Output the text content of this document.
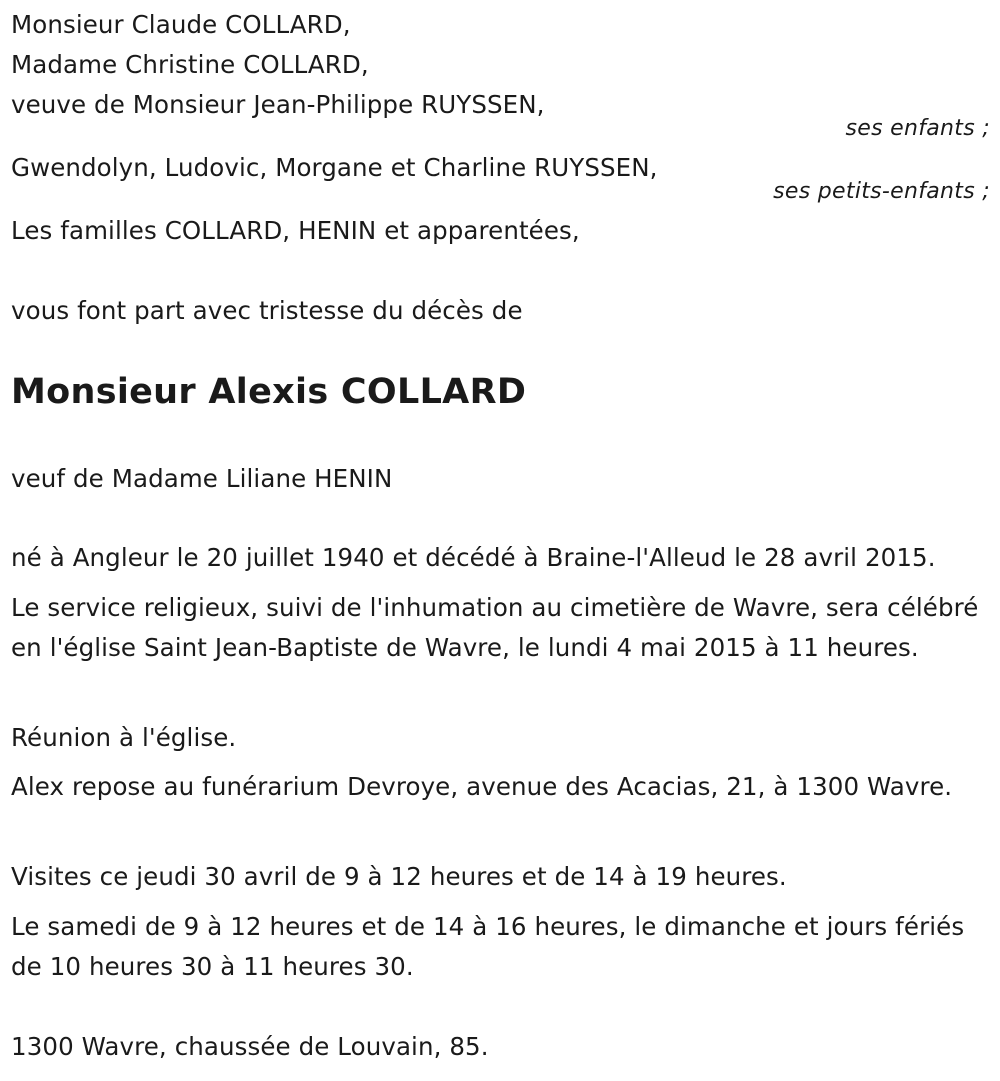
Monsieur Claude COLLARD,
Madame Christine COLLARD,
veuve de Monsieur Jean-Philippe RUYSSEN,
ses enfants ;
Gwendolyn, Ludovic, Morgane et Charline RUYSSEN,
ses petits-enfants ;
Les familles COLLARD, HENIN et apparentées,
vous font part avec tristesse du décès de
Monsieur Alexis COLLARD
veuf de Madame Liliane HENIN
né à Angleur le 20 juillet 1940 et décédé à Braine-l'Alleud le 28 avril 2015.
Le service religieux, suivi de l'inhumation au cimetière de Wavre, sera célébré en l'église Saint Jean-Baptiste de Wavre, le lundi 4 mai 2015 à 11 heures.
Réunion à l'église.
Alex repose au funérarium Devroye, avenue des Acacias, 21, à 1300 Wavre.
Visites ce jeudi 30 avril de 9 à 12 heures et de 14 à 19 heures.
Le samedi de 9 à 12 heures et de 14 à 16 heures, le dimanche et jours fériés de 10 heures 30 à 11 heures 30.
1300 Wavre, chaussée de Louvain, 85.
